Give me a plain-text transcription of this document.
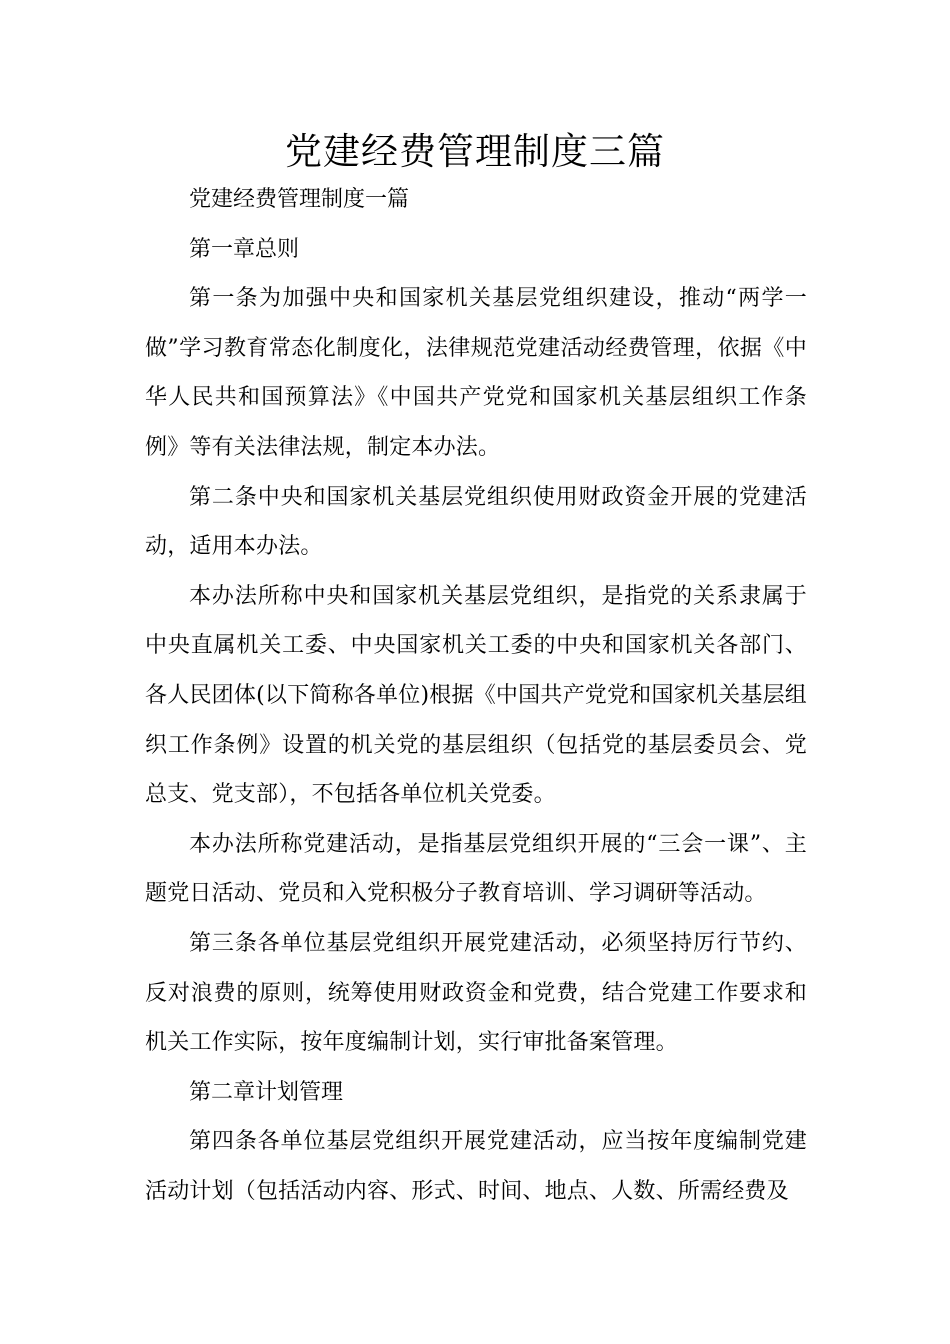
党建经费管理制度三篇

党建经费管理制度一篇

第一章总则

第一条为加强中央和国家机关基层党组织建设，推动“两学一做”学习教育常态化制度化，法律规范党建活动经费管理，依据《中华人民共和国预算法》《中国共产党党和国家机关基层组织工作条例》等有关法律法规，制定本办法。

第二条中央和国家机关基层党组织使用财政资金开展的党建活动，适用本办法。

本办法所称中央和国家机关基层党组织，是指党的关系隶属于中央直属机关工委、中央国家机关工委的中央和国家机关各部门、各人民团体(以下简称各单位)根据《中国共产党党和国家机关基层组织工作条例》设置的机关党的基层组织（包括党的基层委员会、党总支、党支部），不包括各单位机关党委。

本办法所称党建活动，是指基层党组织开展的“三会一课”、主题党日活动、党员和入党积极分子教育培训、学习调研等活动。

第三条各单位基层党组织开展党建活动，必须坚持厉行节约、反对浪费的原则，统筹使用财政资金和党费，结合党建工作要求和机关工作实际，按年度编制计划，实行审批备案管理。

第二章计划管理

第四条各单位基层党组织开展党建活动，应当按年度编制党建活动计划（包括活动内容、形式、时间、地点、人数、所需经费及
